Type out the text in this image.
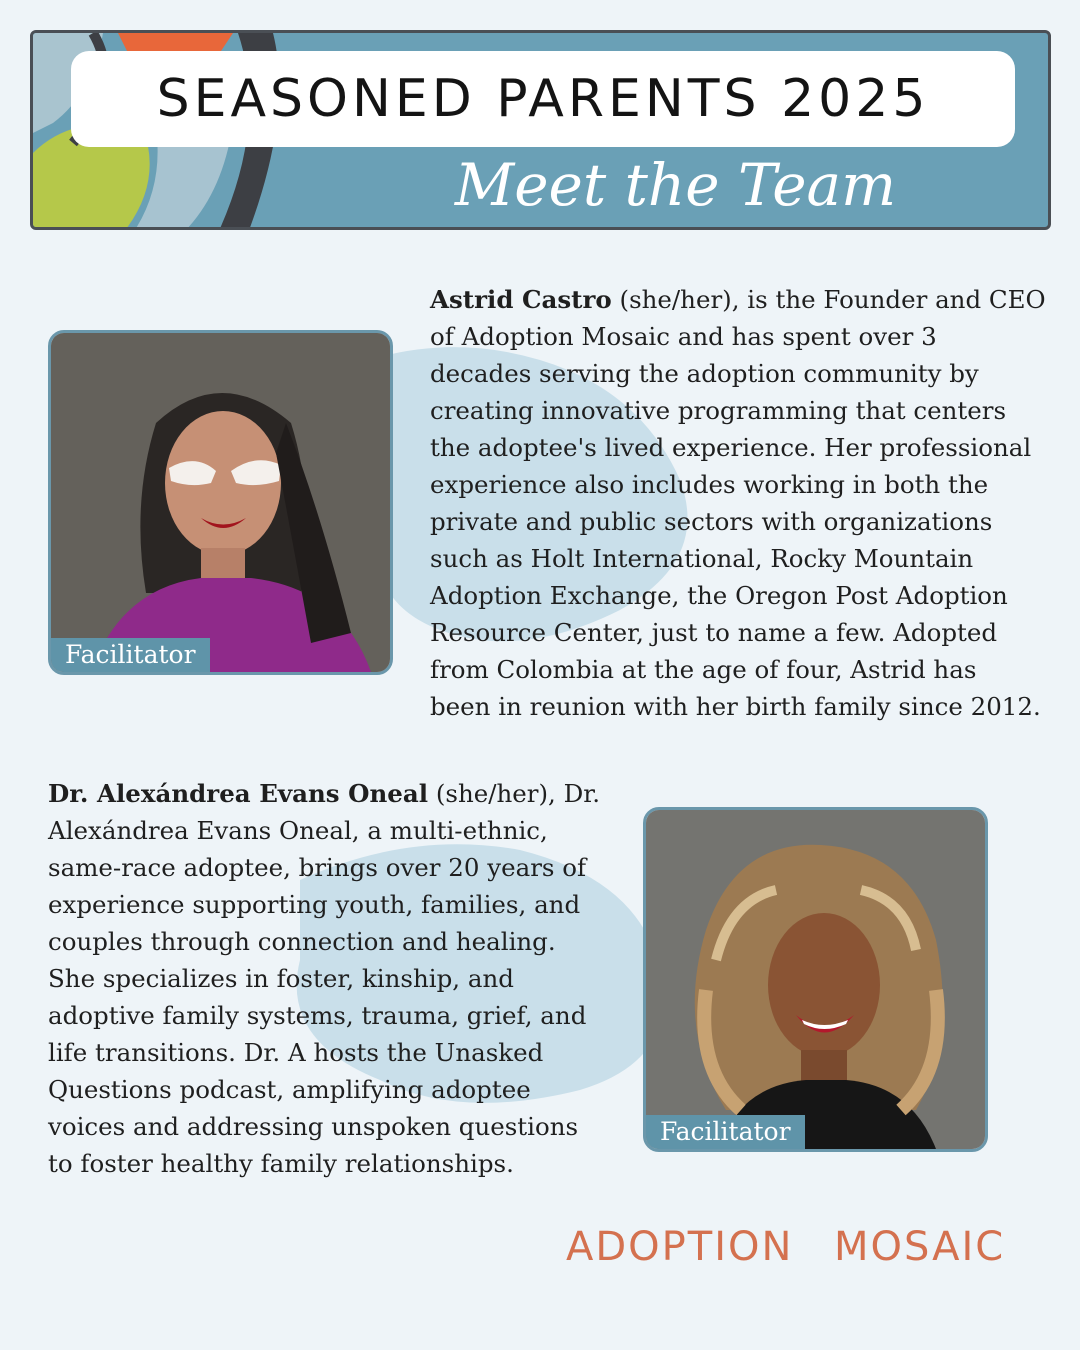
SEASONED PARENTS 2025
Meet the Team
Facilitator
Astrid Castro (she/her), is the Founder and CEO
of Adoption Mosaic and has spent over 3
decades serving the adoption community by
creating innovative programming that centers
the adoptee's lived experience. Her professional
experience also includes working in both the
private and public sectors with organizations
such as Holt International, Rocky Mountain
Adoption Exchange, the Oregon Post Adoption
Resource Center, just to name a few. Adopted
from Colombia at the age of four, Astrid has
been in reunion with her birth family since 2012.
Dr. Alexándrea Evans Oneal (she/her), Dr.
Alexándrea Evans Oneal, a multi-ethnic,
same-race adoptee, brings over 20 years of
experience supporting youth, families, and
couples through connection and healing.
She specializes in foster, kinship, and
adoptive family systems, trauma, grief, and
life transitions. Dr. A hosts the Unasked
Questions podcast, amplifying adoptee
voices and addressing unspoken questions
to foster healthy family relationships.
Facilitator
ADOPTION MOSAIC
